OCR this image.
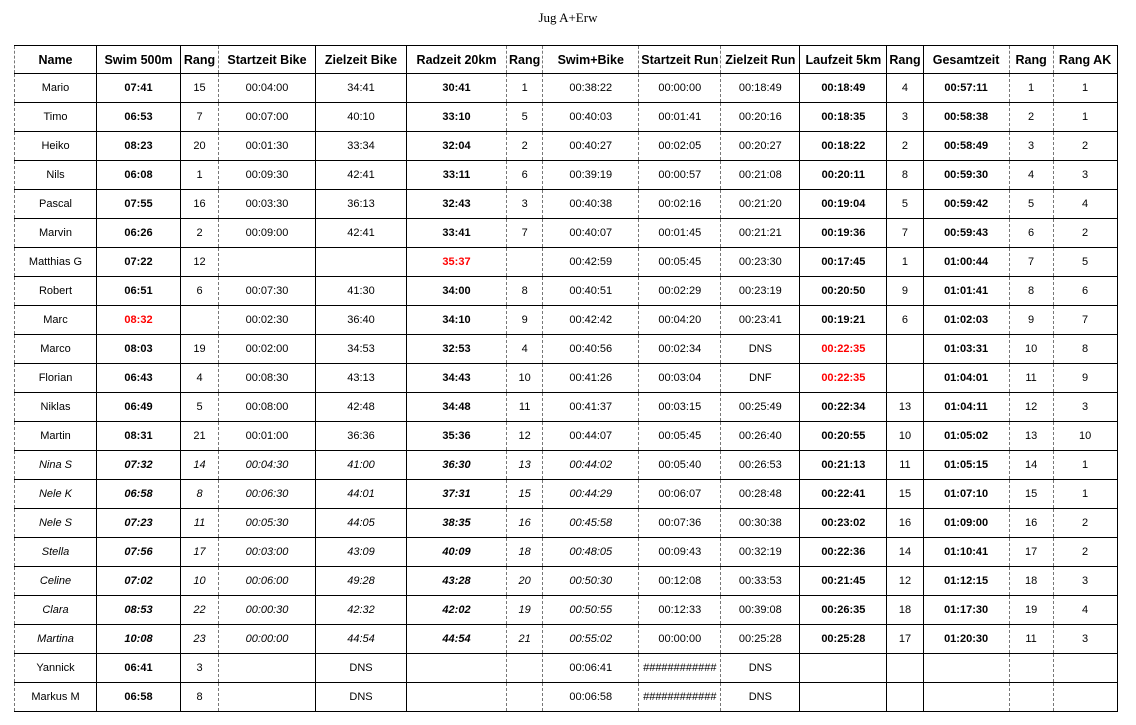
Jug A+Erw
Name	Swim 500m	Rang	Startzeit Bike	Zielzeit Bike	Radzeit 20km	Rang	Swim+Bike	Startzeit Run	Zielzeit Run	Laufzeit 5km	Rang	Gesamtzeit	Rang	Rang AK
Mario	07:41	15	00:04:00	34:41	30:41	1	00:38:22	00:00:00	00:18:49	00:18:49	4	00:57:11	1	1
Timo	06:53	7	00:07:00	40:10	33:10	5	00:40:03	00:01:41	00:20:16	00:18:35	3	00:58:38	2	1
Heiko	08:23	20	00:01:30	33:34	32:04	2	00:40:27	00:02:05	00:20:27	00:18:22	2	00:58:49	3	2
Nils	06:08	1	00:09:30	42:41	33:11	6	00:39:19	00:00:57	00:21:08	00:20:11	8	00:59:30	4	3
Pascal	07:55	16	00:03:30	36:13	32:43	3	00:40:38	00:02:16	00:21:20	00:19:04	5	00:59:42	5	4
Marvin	06:26	2	00:09:00	42:41	33:41	7	00:40:07	00:01:45	00:21:21	00:19:36	7	00:59:43	6	2
Matthias G	07:22	12			35:37		00:42:59	00:05:45	00:23:30	00:17:45	1	01:00:44	7	5
Robert	06:51	6	00:07:30	41:30	34:00	8	00:40:51	00:02:29	00:23:19	00:20:50	9	01:01:41	8	6
Marc	08:32		00:02:30	36:40	34:10	9	00:42:42	00:04:20	00:23:41	00:19:21	6	01:02:03	9	7
Marco	08:03	19	00:02:00	34:53	32:53	4	00:40:56	00:02:34	DNS	00:22:35		01:03:31	10	8
Florian	06:43	4	00:08:30	43:13	34:43	10	00:41:26	00:03:04	DNF	00:22:35		01:04:01	11	9
Niklas	06:49	5	00:08:00	42:48	34:48	11	00:41:37	00:03:15	00:25:49	00:22:34	13	01:04:11	12	3
Martin	08:31	21	00:01:00	36:36	35:36	12	00:44:07	00:05:45	00:26:40	00:20:55	10	01:05:02	13	10
Nina S	07:32	14	00:04:30	41:00	36:30	13	00:44:02	00:05:40	00:26:53	00:21:13	11	01:05:15	14	1
Nele K	06:58	8	00:06:30	44:01	37:31	15	00:44:29	00:06:07	00:28:48	00:22:41	15	01:07:10	15	1
Nele S	07:23	11	00:05:30	44:05	38:35	16	00:45:58	00:07:36	00:30:38	00:23:02	16	01:09:00	16	2
Stella	07:56	17	00:03:00	43:09	40:09	18	00:48:05	00:09:43	00:32:19	00:22:36	14	01:10:41	17	2
Celine	07:02	10	00:06:00	49:28	43:28	20	00:50:30	00:12:08	00:33:53	00:21:45	12	01:12:15	18	3
Clara	08:53	22	00:00:30	42:32	42:02	19	00:50:55	00:12:33	00:39:08	00:26:35	18	01:17:30	19	4
Martina	10:08	23	00:00:00	44:54	44:54	21	00:55:02	00:00:00	00:25:28	00:25:28	17	01:20:30	11	3
Yannick	06:41	3		DNS			00:06:41	############	DNS					
Markus M	06:58	8		DNS			00:06:58	############	DNS					
